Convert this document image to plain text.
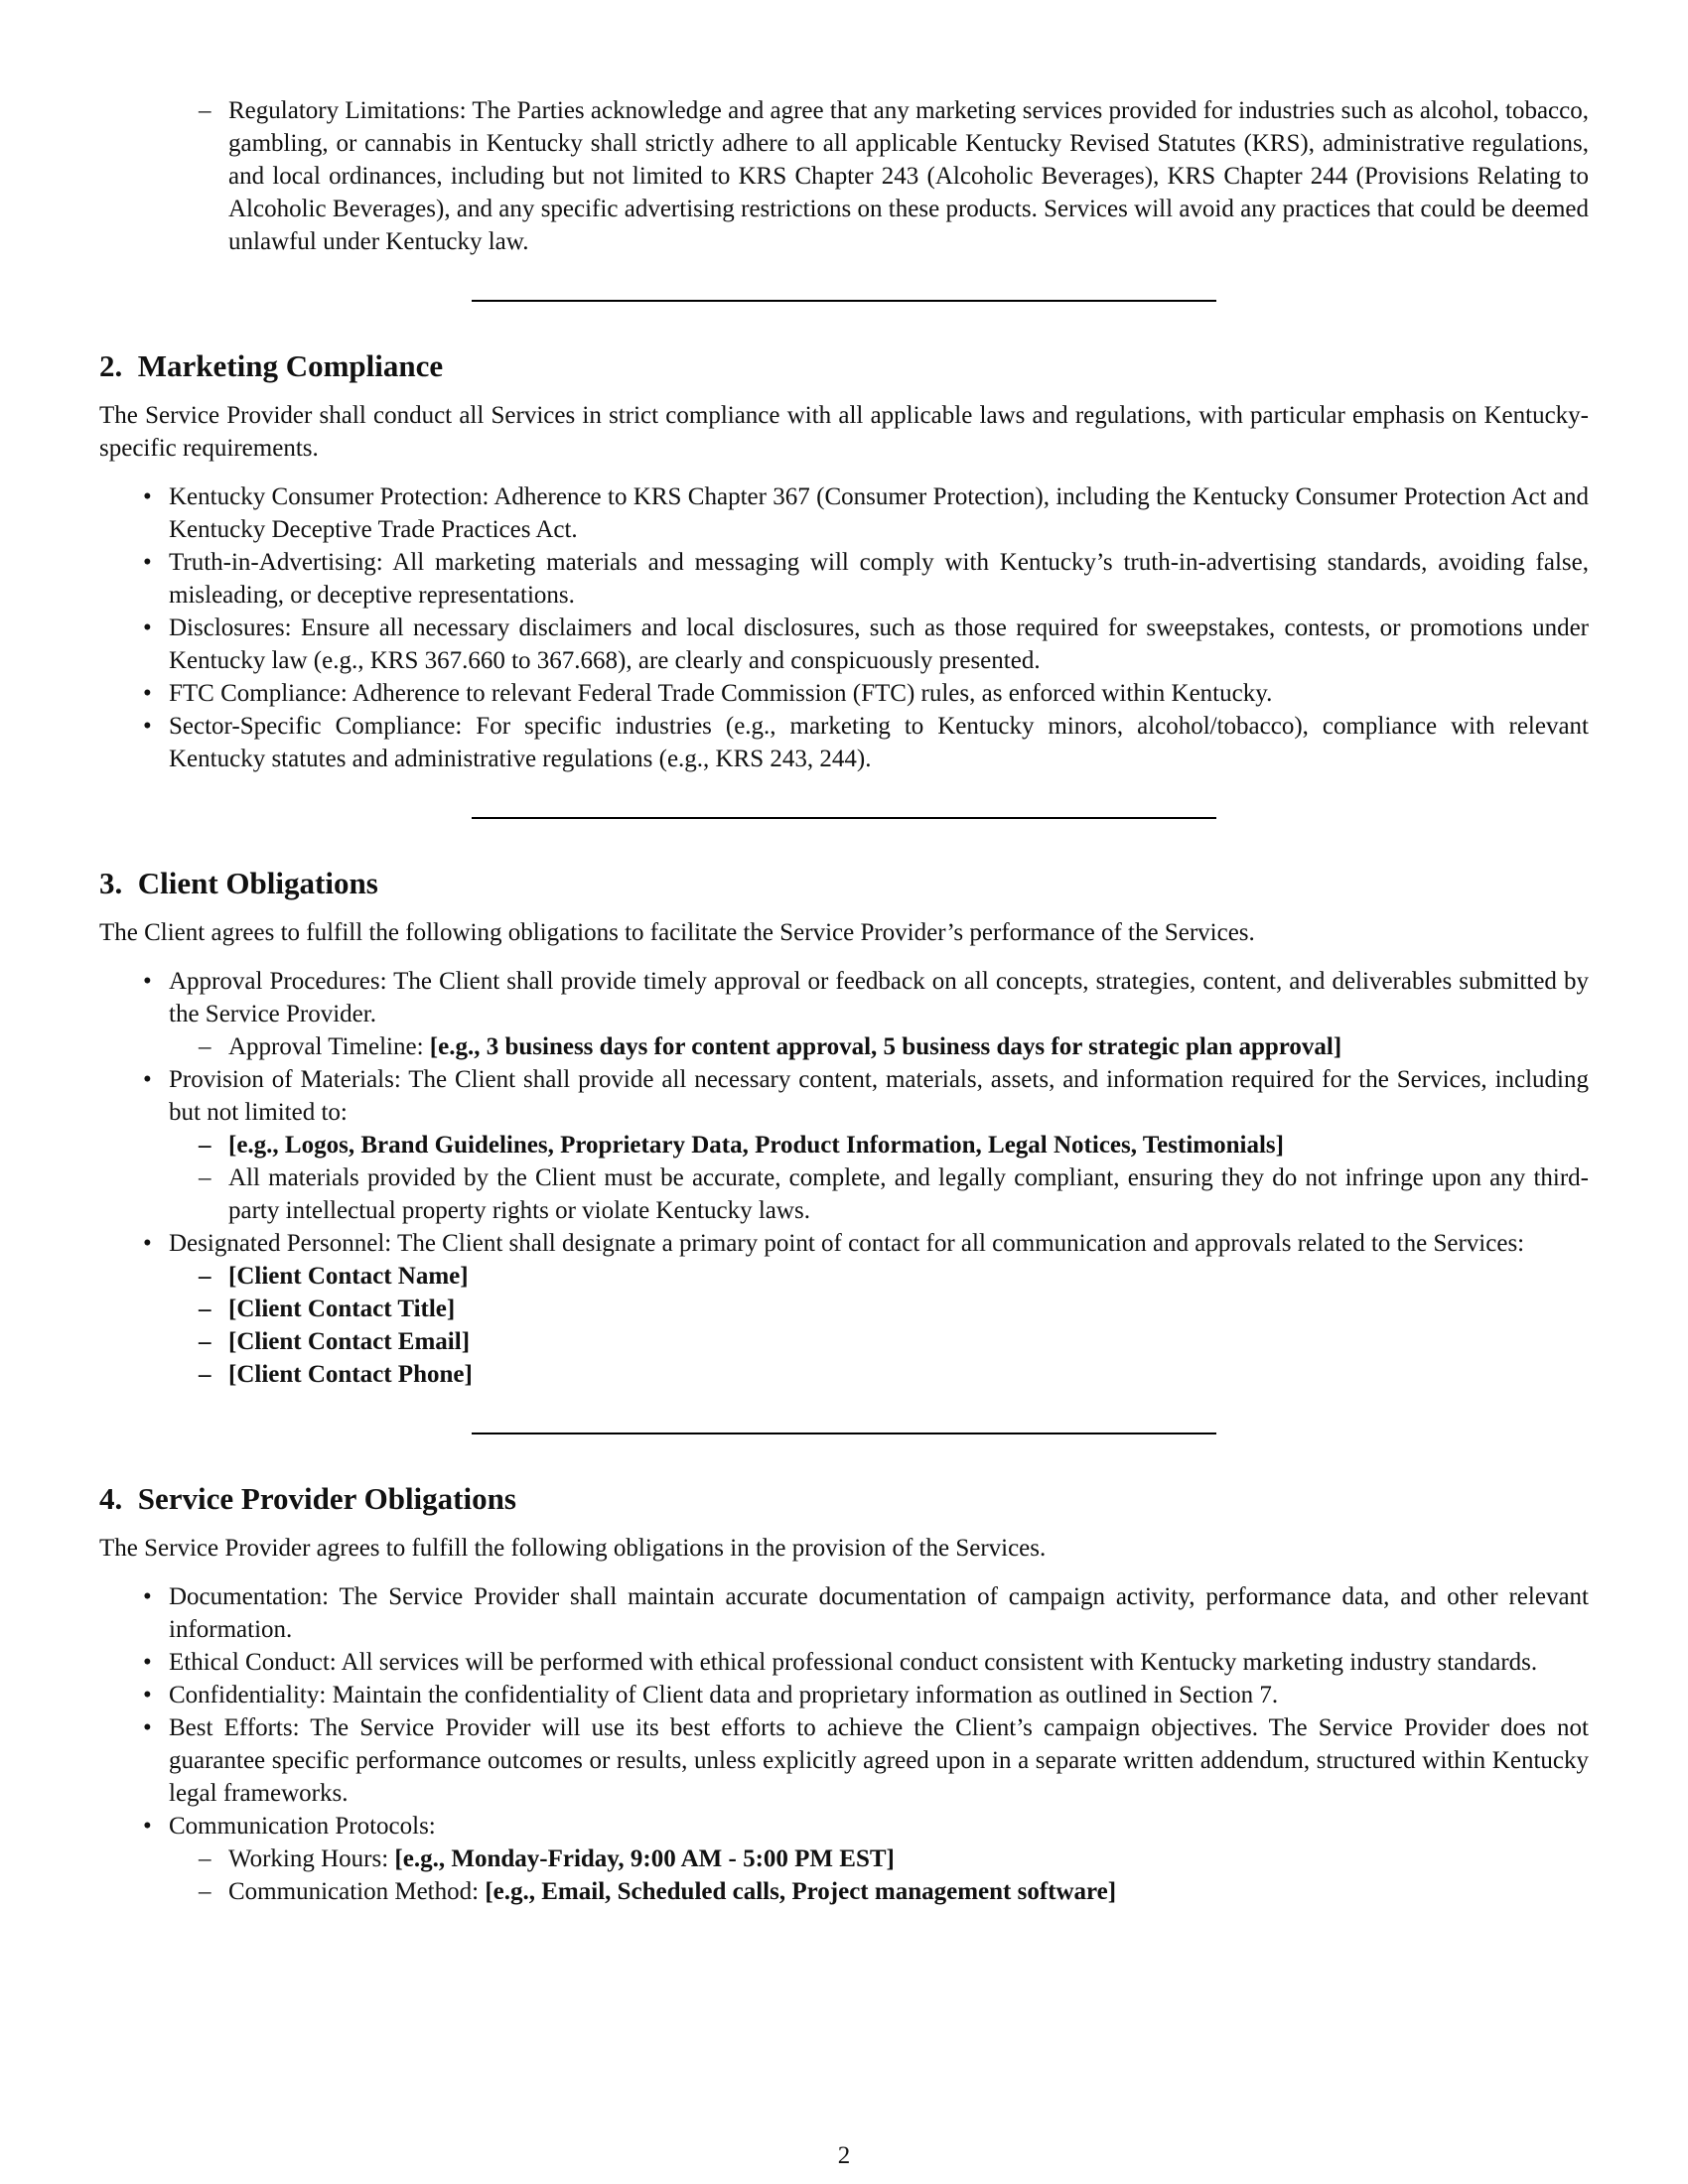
– Regulatory Limitations: The Parties acknowledge and agree that any marketing services provided for industries such as alcohol, tobacco, gambling, or cannabis in Kentucky shall strictly adhere to all applicable Kentucky Revised Statutes (KRS), administrative regulations, and local ordinances, including but not limited to KRS Chapter 243 (Alcoholic Beverages), KRS Chapter 244 (Provisions Relating to Alcoholic Beverages), and any specific advertising restrictions on these products. Services will avoid any practices that could be deemed unlawful under Kentucky law.
2. Marketing Compliance

The Service Provider shall conduct all Services in strict compliance with all applicable laws and regulations, with particular emphasis on Kentucky-specific requirements.

• Kentucky Consumer Protection: Adherence to KRS Chapter 367 (Consumer Protection), including the Kentucky Consumer Protection Act and Kentucky Deceptive Trade Practices Act.
• Truth-in-Advertising: All marketing materials and messaging will comply with Kentucky’s truth-in-advertising standards, avoiding false, misleading, or deceptive representations.
• Disclosures: Ensure all necessary disclaimers and local disclosures, such as those required for sweepstakes, contests, or promotions under Kentucky law (e.g., KRS 367.660 to 367.668), are clearly and conspicuously presented.
• FTC Compliance: Adherence to relevant Federal Trade Commission (FTC) rules, as enforced within Kentucky.
• Sector-Specific Compliance: For specific industries (e.g., marketing to Kentucky minors, alcohol/tobacco), compliance with relevant Kentucky statutes and administrative regulations (e.g., KRS 243, 244).
3. Client Obligations

The Client agrees to fulfill the following obligations to facilitate the Service Provider’s performance of the Services.

• Approval Procedures: The Client shall provide timely approval or feedback on all concepts, strategies, content, and deliverables submitted by the Service Provider.
– Approval Timeline: [e.g., 3 business days for content approval, 5 business days for strategic plan approval]
• Provision of Materials: The Client shall provide all necessary content, materials, assets, and information required for the Services, including but not limited to:
– [e.g., Logos, Brand Guidelines, Proprietary Data, Product Information, Legal Notices, Testimonials]
– All materials provided by the Client must be accurate, complete, and legally compliant, ensuring they do not infringe upon any third-party intellectual property rights or violate Kentucky laws.
• Designated Personnel: The Client shall designate a primary point of contact for all communication and approvals related to the Services:
– [Client Contact Name]
– [Client Contact Title]
– [Client Contact Email]
– [Client Contact Phone]
4. Service Provider Obligations

The Service Provider agrees to fulfill the following obligations in the provision of the Services.

• Documentation: The Service Provider shall maintain accurate documentation of campaign activity, performance data, and other relevant information.
• Ethical Conduct: All services will be performed with ethical professional conduct consistent with Kentucky marketing industry standards.
• Confidentiality: Maintain the confidentiality of Client data and proprietary information as outlined in Section 7.
• Best Efforts: The Service Provider will use its best efforts to achieve the Client’s campaign objectives. The Service Provider does not guarantee specific performance outcomes or results, unless explicitly agreed upon in a separate written addendum, structured within Kentucky legal frameworks.
• Communication Protocols:
– Working Hours: [e.g., Monday-Friday, 9:00 AM - 5:00 PM EST]
– Communication Method: [e.g., Email, Scheduled calls, Project management software]
2
